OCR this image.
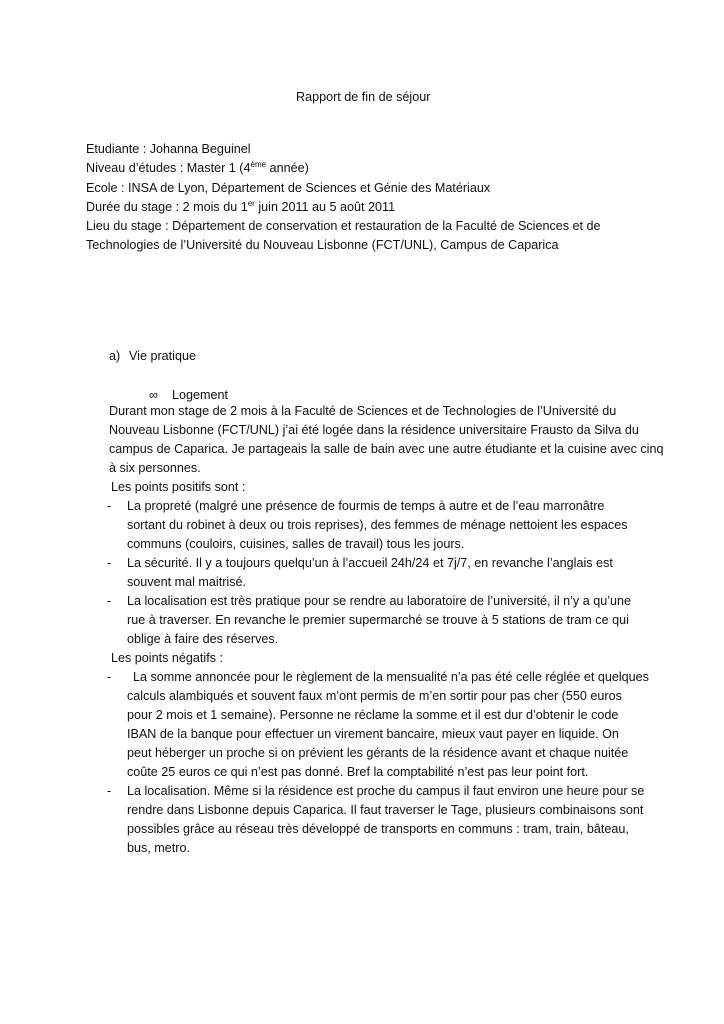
Rapport de fin de séjour
Etudiante : Johanna Beguinel
Niveau d’études : Master 1 (4ème année)
Ecole : INSA de Lyon, Département de Sciences et Génie des Matériaux
Durée du stage : 2 mois du 1er juin 2011 au 5 août 2011
Lieu du stage : Département de conservation et restauration de la Faculté de Sciences et de
Technologies de l’Université du Nouveau Lisbonne (FCT/UNL), Campus de Caparica
a) Vie pratique
∞ Logement

Durant mon stage de 2 mois à la Faculté de Sciences et de Technologies de l’Université du
Nouveau Lisbonne (FCT/UNL) j’ai été logée dans la résidence universitaire Frausto da Silva du
campus de Caparica. Je partageais la salle de bain avec une autre étudiante et la cuisine avec cinq
à six personnes.

Les points positifs sont :

- La propreté (malgré une présence de fourmis de temps à autre et de l’eau marronâtre
sortant du robinet à deux ou trois reprises), des femmes de ménage nettoient les espaces
communs (couloirs, cuisines, salles de travail) tous les jours.
- La sécurité. Il y a toujours quelqu’un à l’accueil 24h/24 et 7j/7, en revanche l’anglais est
souvent mal maitrisé.
- La localisation est très pratique pour se rendre au laboratoire de l’université, il n’y a qu’une
rue à traverser. En revanche le premier supermarché se trouve à 5 stations de tram ce qui
oblige à faire des réserves.

Les points négatifs :

- La somme annoncée pour le règlement de la mensualité n’a pas été celle réglée et quelques
calculs alambiqués et souvent faux m’ont permis de m’en sortir pour pas cher (550 euros
pour 2 mois et 1 semaine). Personne ne réclame la somme et il est dur d’obtenir le code
IBAN de la banque pour effectuer un virement bancaire, mieux vaut payer en liquide. On
peut héberger un proche si on prévient les gérants de la résidence avant et chaque nuitée
coûte 25 euros ce qui n’est pas donné. Bref la comptabilité n’est pas leur point fort.
- La localisation. Même si la résidence est proche du campus il faut environ une heure pour se
rendre dans Lisbonne depuis Caparica. Il faut traverser le Tage, plusieurs combinaisons sont
possibles grâce au réseau très développé de transports en communs : tram, train, bâteau,
bus, metro.
